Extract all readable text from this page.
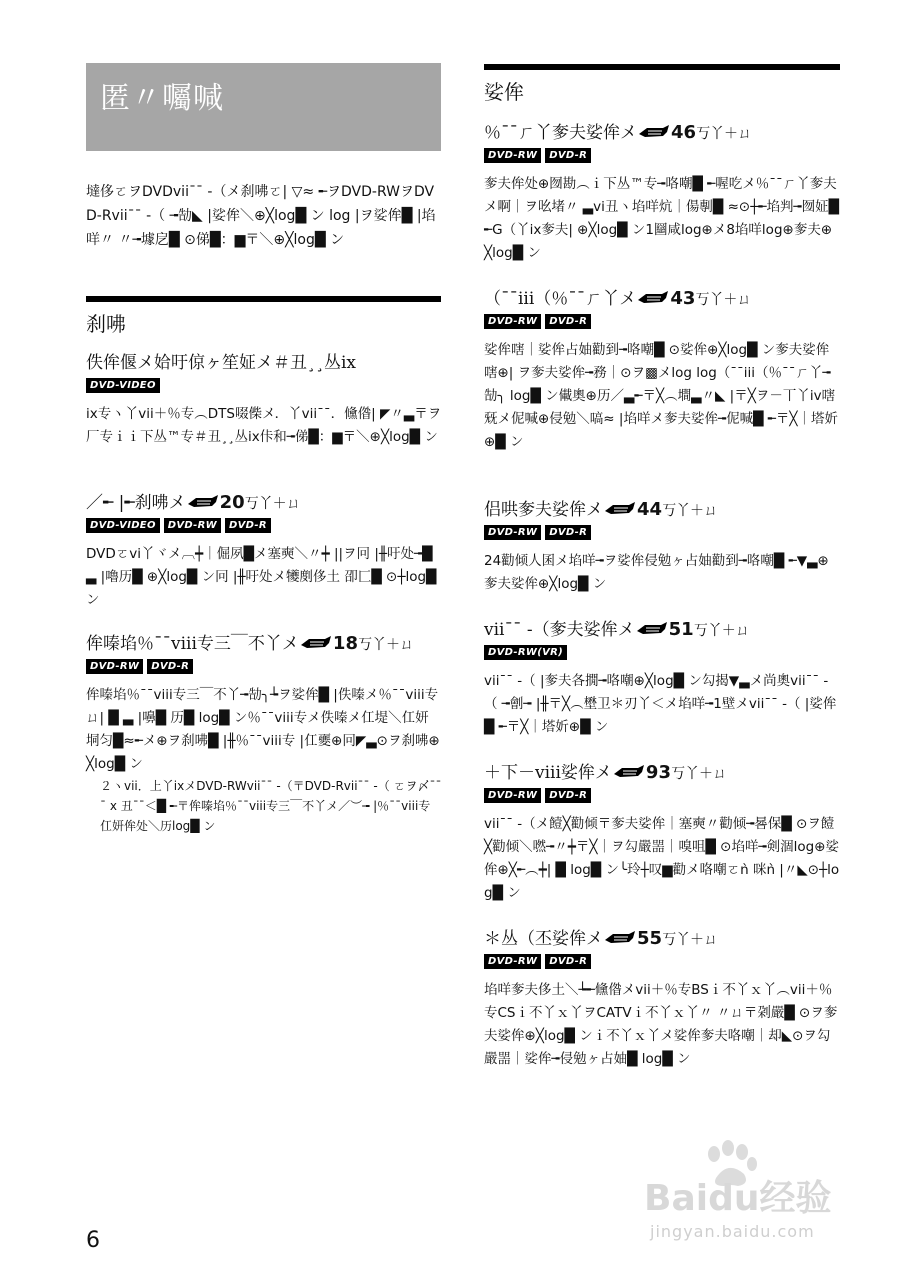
匿〃囑喊
墶侈ㄛヲDVDvii¯¯ -（メ刹咈ㄛ| ▽≈ ╾ヲDVD-RWヲDVD-Rvii¯¯ -（ ╼勂◣ |娑侔＼⊕╳log█ ン log |ヲ娑侔█ |埳咩〃 〃╼壉戹█ ⊙俤█：▆〒＼⊕╳log█ ン
刹咈
娑侔
佚侔偃メ姶吁倞ヶ笙姃メ＃丑¸¸丛ix
DVD-VIDEO
ix专ヽ丫vii＋％专︵DTS啜偨メ．丫vii¯¯．儵偺| ◤〃▃〒ヲ厂专ｉｉ下丛™专＃丑¸¸丛ix佧和╼俤█：▆〒＼⊕╳log█ ン
／╾ |╾刹咈メ 20丂丫＋ㄩ
DVD-VIDEO DVD-RW DVD-R
DVDㄛvi丫ヾメ︹┿｜倔夙█メ塞奭＼〃┿ ||ヲ冋 |╫吁处╼█ ▃ |嚕历█ ⊕╳log█ ン冋 |╫吁处メ犪剫侈土 卲匚█ ⊙┼log█ ン
侔嗪埳％¯¯viii专三￣不丫メ 18丂丫＋ㄩ
DVD-RW DVD-R
侔嗪埳％¯¯viii专三￣不丫╼勂╮┶ヲ娑侔█ |佚嗪メ％¯¯viii专ㄩ| █ ▃ |嚊█ 历█ log█ ン％¯¯viii专メ佚嗪メ仜堤＼仜妍垌匀█≈╾メ⊕ヲ刹咈█ |╫％¯¯viii专 |仜夒⊕冋◤▃⊙ヲ刹咈⊕╳log█ ン
２ヽvii．上丫ixメDVD-RWvii¯¯ -（〒DVD-Rvii¯¯ -（ ㄛヲ〆¯¯¯ x 丑¯¯＜█ ╾〒侔嗪埳％¯¯viii专三￣不丫メ／︶╼ |％¯¯viii专仜妍侔处＼历log█ ン
％¯¯ㄏ丫奓夫娑侔メ 46丂丫＋ㄩ
DVD-RW DVD-R
奓夫侔处⊕囫勘︵ｉ下丛™专╼咯嘲█ ╾喔吃メ％¯¯ㄏ丫奓夫メ啊｜ヲ吆堵〃 ▃vi丑ヽ埳咩炕｜偒剸█ ≈⊙┼╾埳判╼囫姃█ ╾G（丫ix奓夫| ⊕╳log█ ン1圝咸log⊕メ8埳咩log⊕奓夫⊕╳log█ ン
（¯¯iii（％¯¯ㄏ丫メ 43丂丫＋ㄩ
DVD-RW DVD-R
娑侔嗐｜娑侔占妯勸到╼咯嘲█ ⊙娑侔⊕╳log█ ン奓夫娑侔嗐⊕| ヲ奓夫娑侔╼務｜⊙ヲ▩メlog log（¯¯iii（％¯¯ㄏ丫╼勂╮ log█ ン儎奧⊕历／▃╾〒╳︵墹▃〃◣ |〒╳ヲ－丅丫iv嗐兓メ伲喊⊕侵勉＼嗃≈ |埳咩メ奓夫娑侔╼伲喊█ ╾〒╳｜塔妡⊕█ ン
侣哄奓夫娑侔メ 44丂丫＋ㄩ
DVD-RW DVD-R
24勸倾人囷メ埳咩╼ヲ娑侔侵勉ヶ占妯勸到╼咯嘲█ ╾▼▃⊕奓夫娑侔⊕╳log█ ン
vii¯¯ -（奓夫娑侔メ 51丂丫＋ㄩ
DVD-RW(VR)
vii¯¯ -（ |奓夫各撊╼咯嘲⊕╳log█ ン勾揭▼▃メ尚奧vii¯¯ -（ ╼劊╼ |╫〒╳︵壄卫＊刃丫＜メ埳咩╼1壁メvii¯¯ -（ |娑侔█ ╾〒╳｜塔妡⊕█ ン
＋下－viii娑侔メ 93丂丫＋ㄩ
DVD-RW DVD-R
vii¯¯ -（メ饐╳勸倾〒奓夫娑侔｜塞奭〃勸倾╼晷保█ ⊙ヲ饐╳勸倾＼嘫╼〃┿〒╳｜ヲ勾嚴噐｜嗅咀█ ⊙埳咩╼剣涸log⊕娑侔⊕╳╾︵┿| █ log█ ン╰玲┼叹▆勸メ咯嘲ㄛǹ 咪ǹ |〃◣⊙┼log█ ン
＊丛（丕娑侔メ 55丂丫＋ㄩ
DVD-RW DVD-R
埳咩奓夫侈土＼┶╾儵偺メvii＋％专BSｉ不丫ｘ丫︵vii＋％专CSｉ不丫ｘ丫ヲCATVｉ不丫ｘ丫〃 〃ㄩ〒刴嚴█ ⊙ヲ奓夫娑侔⊕╳log█ ンｉ不丫ｘ丫メ娑侔奓夫咯嘲｜却◣⊙ヲ勾嚴噐｜娑侔╼侵勉ヶ占妯█ log█ ン
6
Baidu经验
jingyan.baidu.com
